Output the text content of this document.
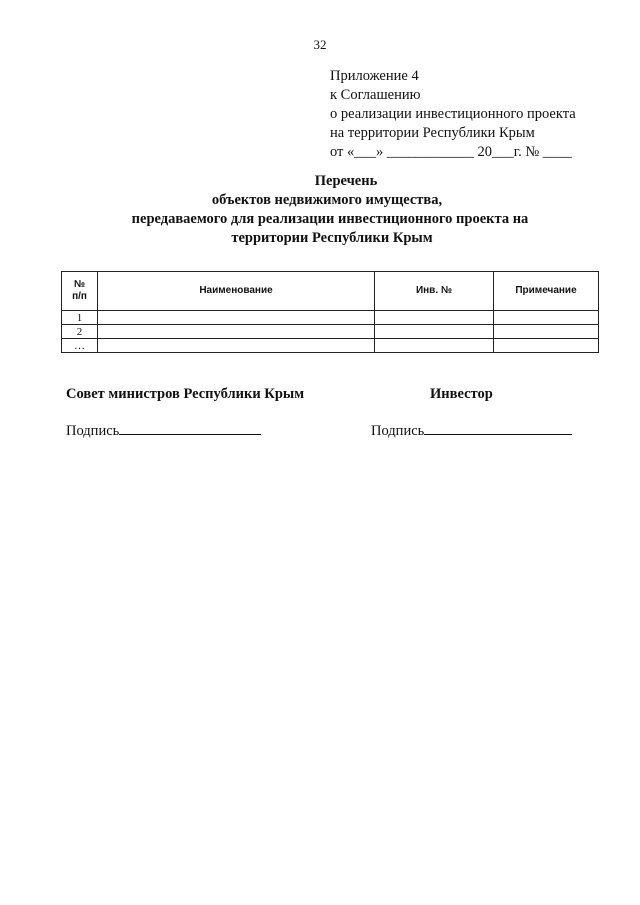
32
Приложение 4
к Соглашению
о реализации инвестиционного проекта
на территории Республики Крым
от «___» ____________ 20___г. № ____
Перечень
объектов недвижимого имущества,
передаваемого для реализации инвестиционного проекта на
территории Республики Крым
№
п/п	Наименование	Инв. №	Примечание
1			
2			
…			
Совет министров Республики Крым	Инвестор
Подпись	Подпись
